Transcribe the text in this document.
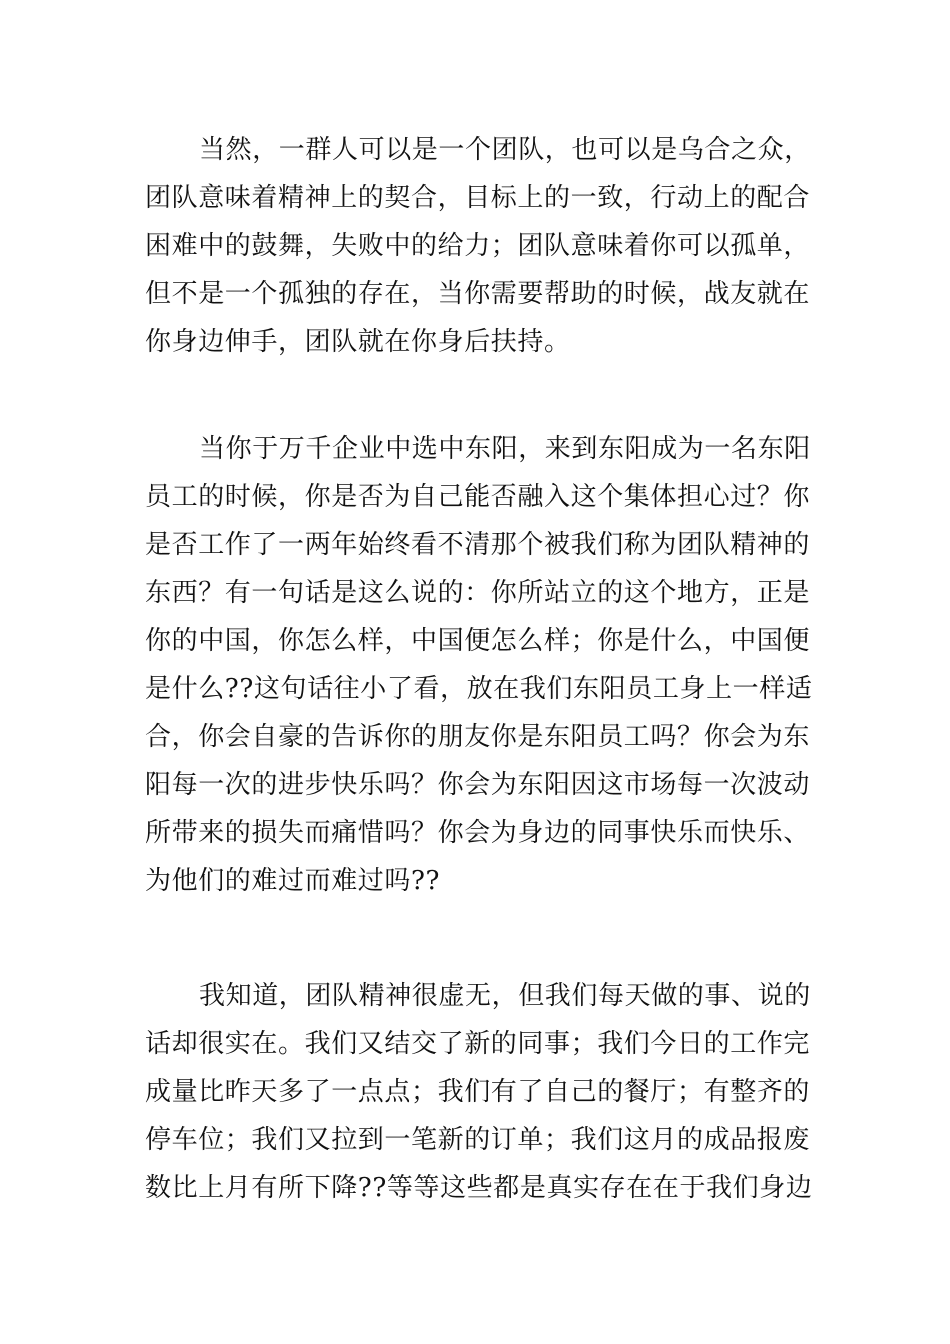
当然，一群人可以是一个团队，也可以是乌合之众，
团队意味着精神上的契合，目标上的一致，行动上的配合
困难中的鼓舞，失败中的给力；团队意味着你可以孤单，
但不是一个孤独的存在，当你需要帮助的时候，战友就在
你身边伸手，团队就在你身后扶持。
当你于万千企业中选中东阳，来到东阳成为一名东阳
员工的时候，你是否为自己能否融入这个集体担心过？你
是否工作了一两年始终看不清那个被我们称为团队精神的
东西？有一句话是这么说的：你所站立的这个地方，正是
你的中国，你怎么样，中国便怎么样；你是什么，中国便
是什么??这句话往小了看，放在我们东阳员工身上一样适
合，你会自豪的告诉你的朋友你是东阳员工吗？你会为东
阳每一次的进步快乐吗？你会为东阳因这市场每一次波动
所带来的损失而痛惜吗？你会为身边的同事快乐而快乐、
为他们的难过而难过吗??
我知道，团队精神很虚无，但我们每天做的事、说的
话却很实在。我们又结交了新的同事；我们今日的工作完
成量比昨天多了一点点；我们有了自己的餐厅；有整齐的
停车位；我们又拉到一笔新的订单；我们这月的成品报废
数比上月有所下降??等等这些都是真实存在在于我们身边
